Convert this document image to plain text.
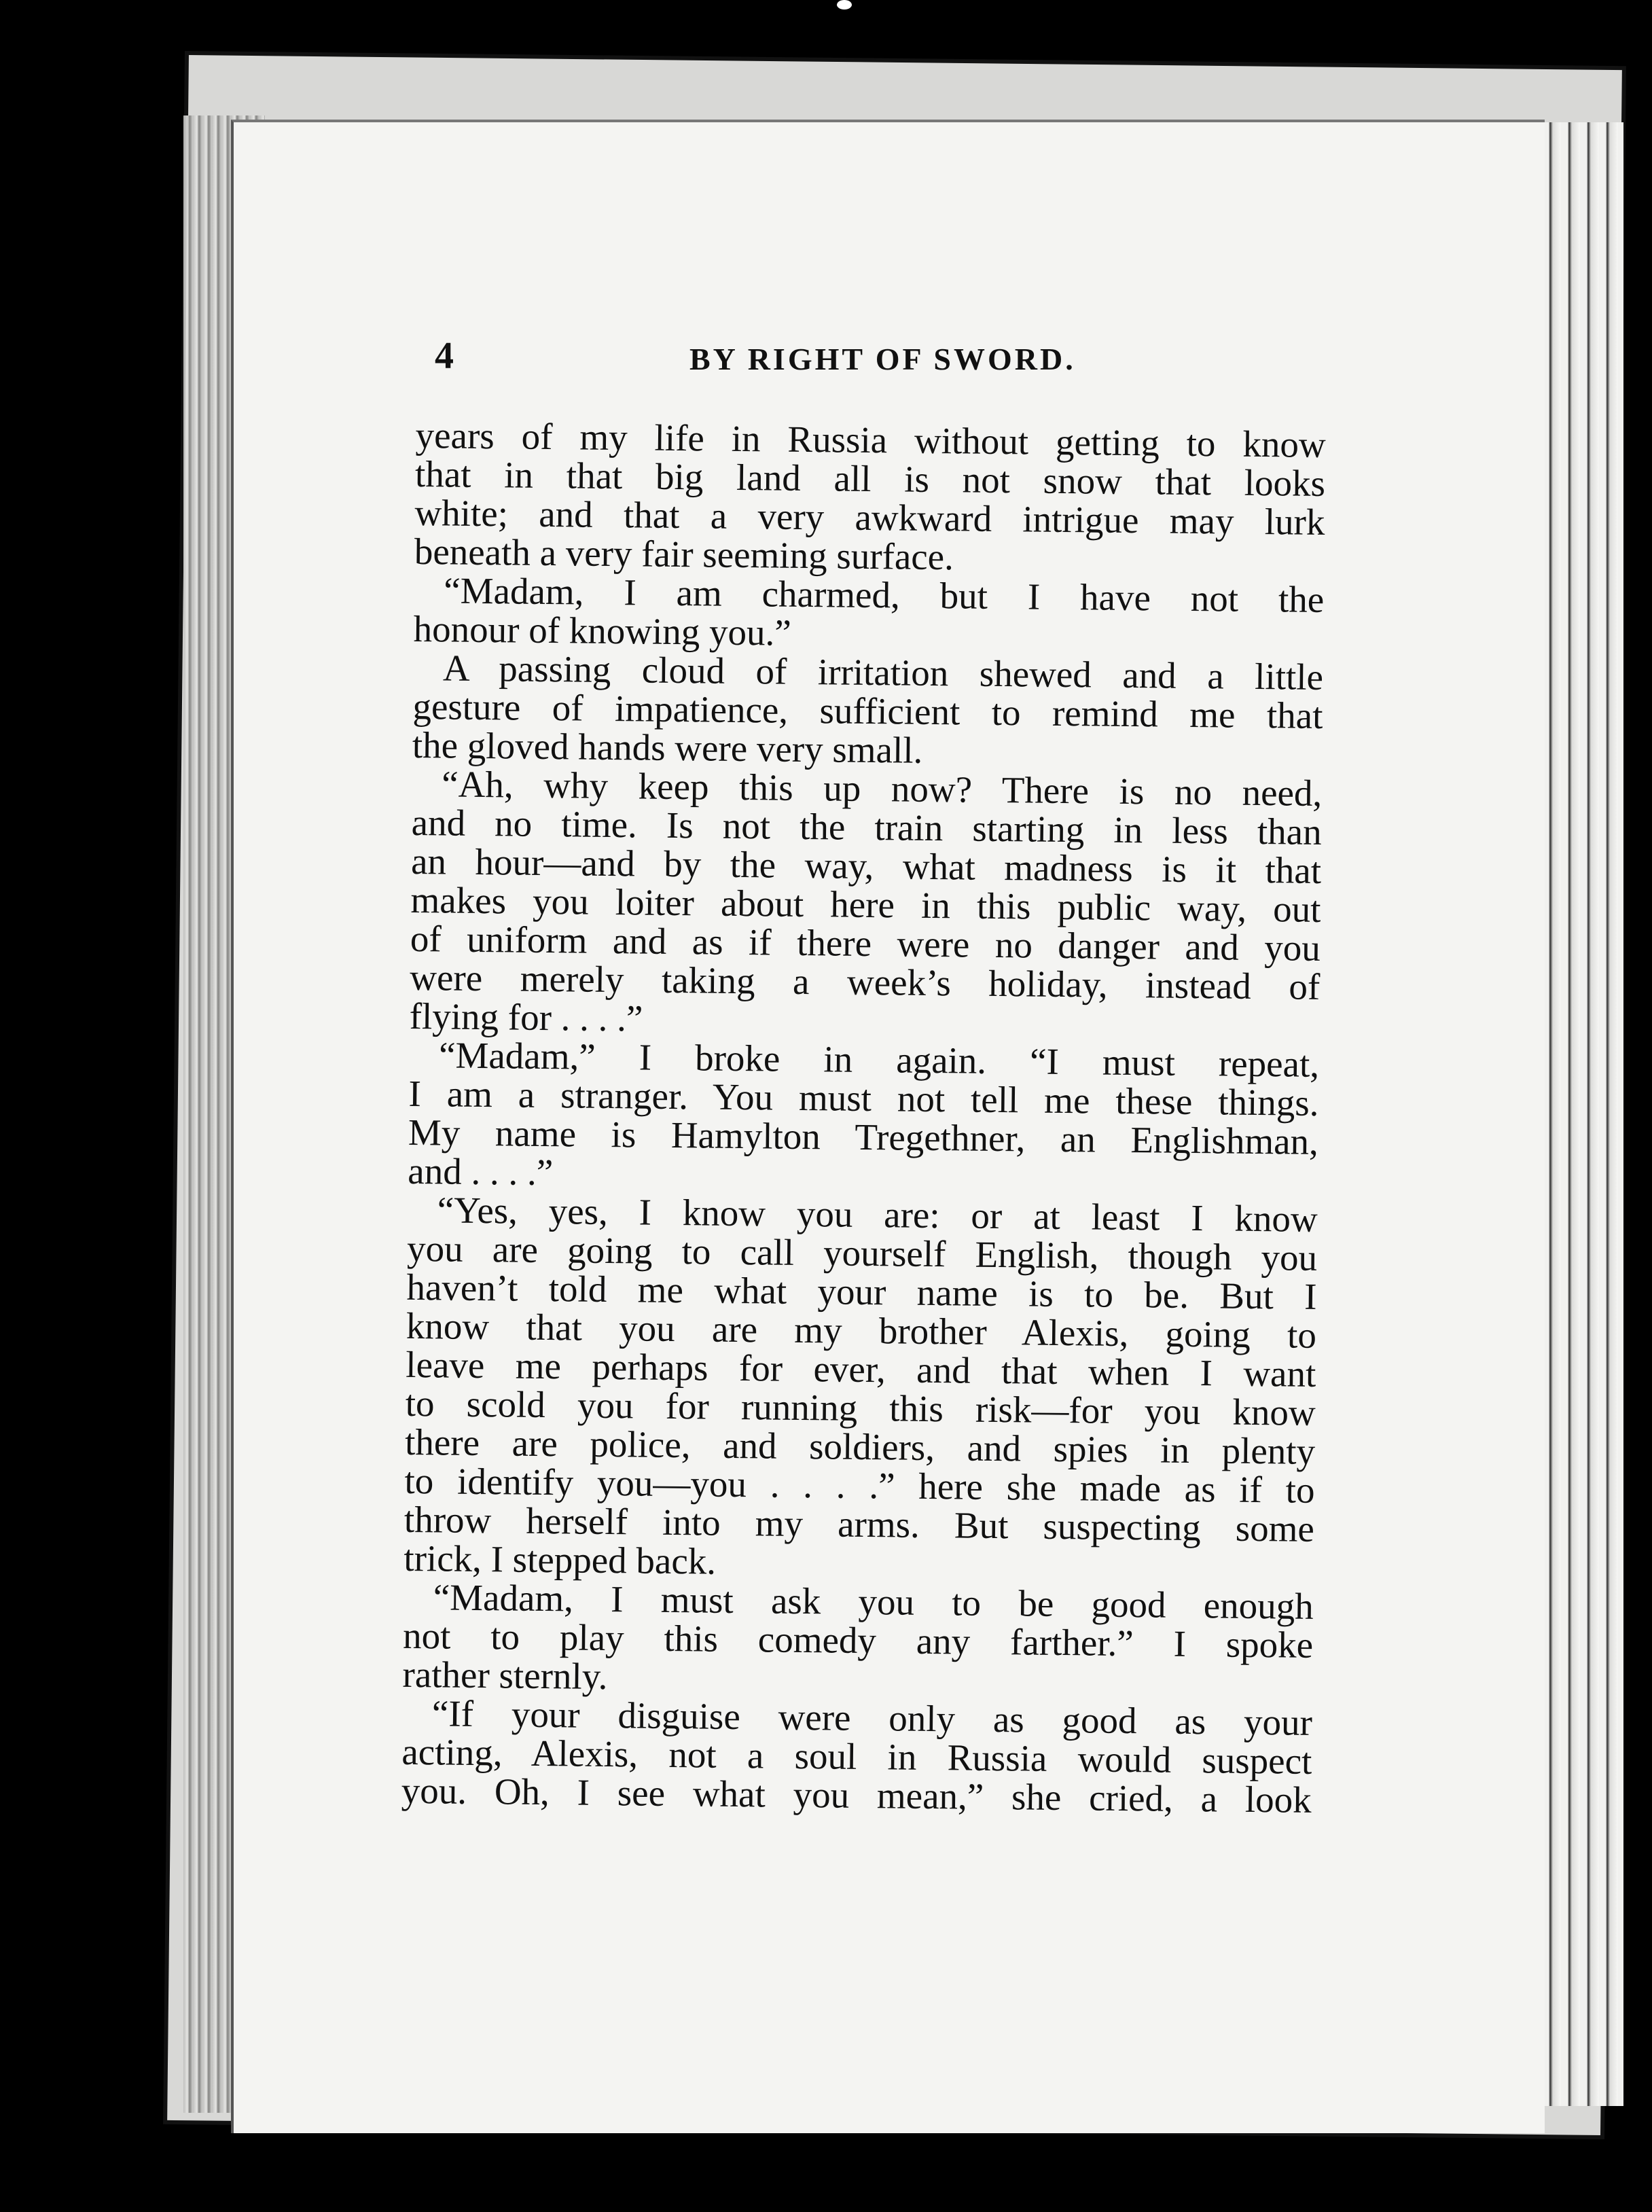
4	BY RIGHT OF SWORD.
years of my life in Russia without getting to know
that in that big land all is not snow that looks
white; and that a very awkward intrigue may lurk
beneath a very fair seeming surface.
“Madam, I am charmed, but I have not the
honour of knowing you.”
A passing cloud of irritation shewed and a little
gesture of impatience, sufficient to remind me that
the gloved hands were very small.
“Ah, why keep this up now? There is no need,
and no time. Is not the train starting in less than
an hour—and by the way, what madness is it that
makes you loiter about here in this public way, out
of uniform and as if there were no danger and you
were merely taking a week’s holiday, instead of
flying for . . . .”
“Madam,” I broke in again. “I must repeat,
I am a stranger. You must not tell me these things.
My name is Hamylton Tregethner, an Englishman,
and . . . .”
“Yes, yes, I know you are: or at least I know
you are going to call yourself English, though you
haven’t told me what your name is to be. But I
know that you are my brother Alexis, going to
leave me perhaps for ever, and that when I want
to scold you for running this risk—for you know
there are police, and soldiers, and spies in plenty
to identify you—you . . . .” here she made as if to
throw herself into my arms. But suspecting some
trick, I stepped back.
“Madam, I must ask you to be good enough
not to play this comedy any farther.” I spoke
rather sternly.
“If your disguise were only as good as your
acting, Alexis, not a soul in Russia would suspect
you. Oh, I see what you mean,” she cried, a look
